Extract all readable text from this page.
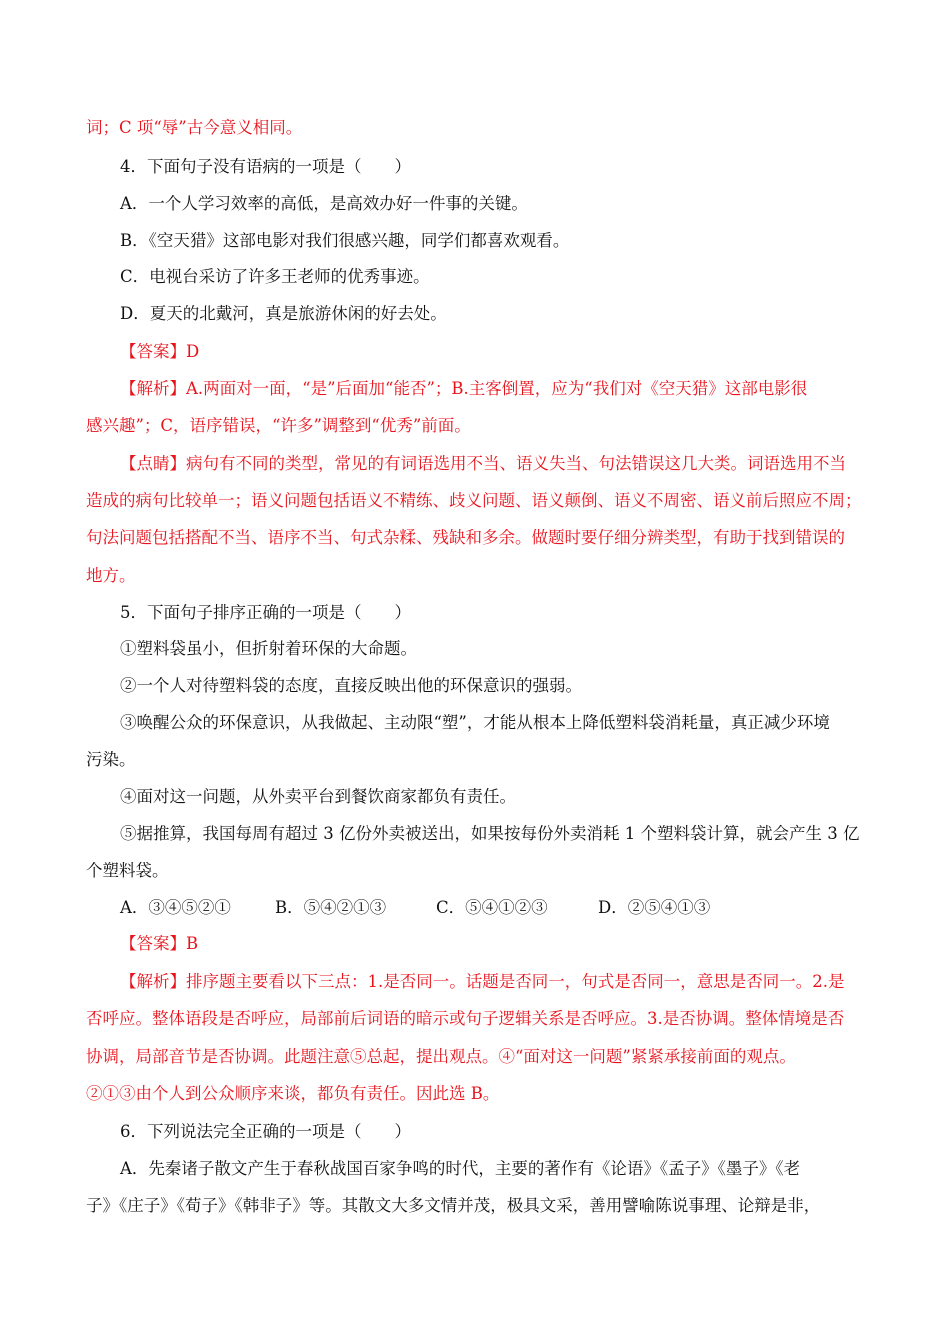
词；C 项“辱”古今意义相同。
4．下面句子没有语病的一项是（　　）
A．一个人学习效率的高低，是高效办好一件事的关键。
B．《空天猎》这部电影对我们很感兴趣，同学们都喜欢观看。
C．电视台采访了许多王老师的优秀事迹。
D．夏天的北戴河，真是旅游休闲的好去处。
【答案】D
【解析】A.两面对一面，“是”后面加“能否”；B.主客倒置，应为“我们对《空天猎》这部电影很
感兴趣”；C，语序错误，“许多”调整到“优秀”前面。
【点睛】病句有不同的类型，常见的有词语选用不当、语义失当、句法错误这几大类。词语选用不当
造成的病句比较单一；语义问题包括语义不精练、歧义问题、语义颠倒、语义不周密、语义前后照应不周；
句法问题包括搭配不当、语序不当、句式杂糅、残缺和多余。做题时要仔细分辨类型，有助于找到错误的
地方。
5．下面句子排序正确的一项是（　　）
①塑料袋虽小，但折射着环保的大命题。
②一个人对待塑料袋的态度，直接反映出他的环保意识的强弱。
③唤醒公众的环保意识，从我做起、主动限“塑”，才能从根本上降低塑料袋消耗量，真正减少环境
污染。
④面对这一问题，从外卖平台到餐饮商家都负有责任。
⑤据推算，我国每周有超过 3 亿份外卖被送出，如果按每份外卖消耗 1 个塑料袋计算，就会产生 3 亿
个塑料袋。
A．③④⑤②①	B．⑤④②①③	C．⑤④①②③	D．②⑤④①③
【答案】B
【解析】排序题主要看以下三点：1.是否同一。话题是否同一，句式是否同一，意思是否同一。2.是
否呼应。整体语段是否呼应，局部前后词语的暗示或句子逻辑关系是否呼应。3.是否协调。整体情境是否
协调，局部音节是否协调。此题注意⑤总起，提出观点。④“面对这一问题”紧紧承接前面的观点。
②①③由个人到公众顺序来谈，都负有责任。因此选 B。
6．下列说法完全正确的一项是（　　）
A．先秦诸子散文产生于春秋战国百家争鸣的时代，主要的著作有《论语》《孟子》《墨子》《老
子》《庄子》《荀子》《韩非子》等。其散文大多文情并茂，极具文采，善用譬喻陈说事理、论辩是非，
